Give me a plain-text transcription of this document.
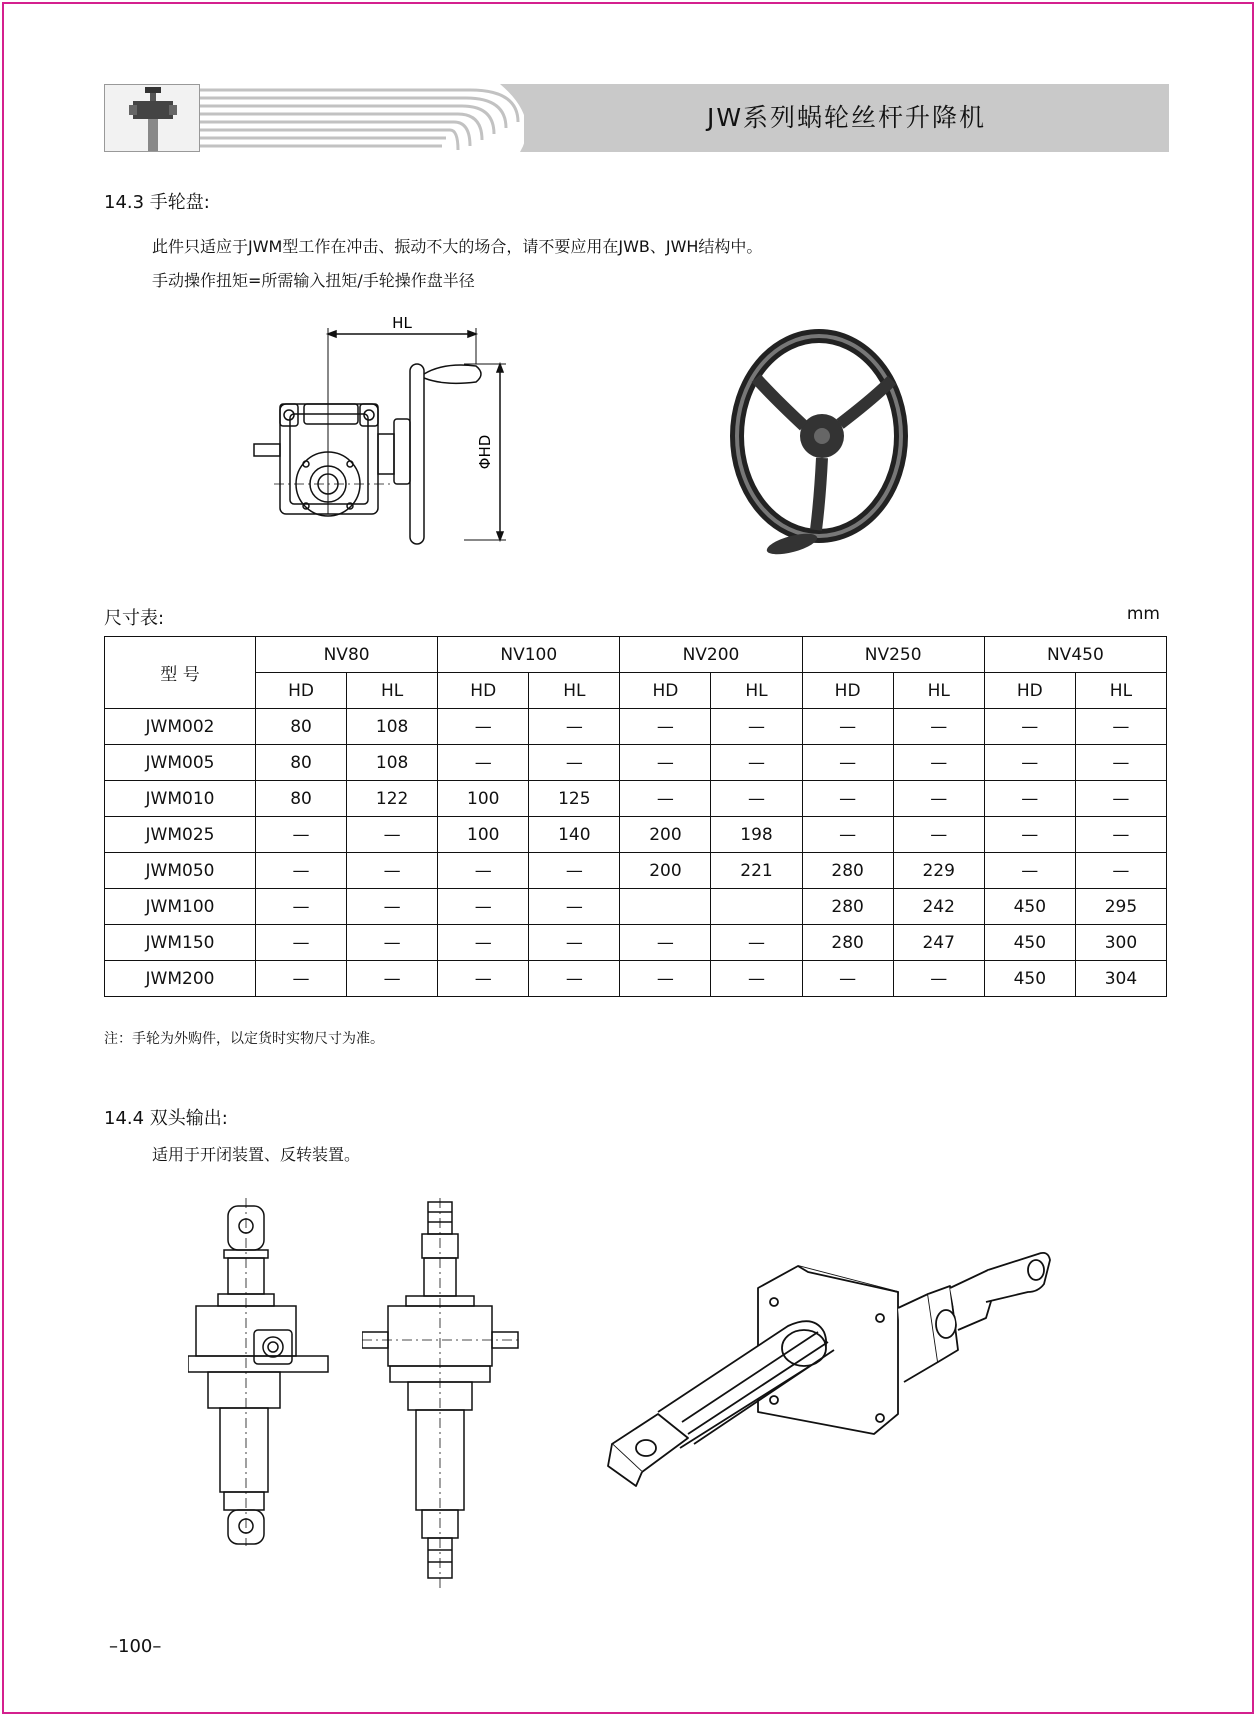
JW系列蜗轮丝杆升降机
14.3 手轮盘:
此件只适应于JWM型工作在冲击、振动不大的场合，请不要应用在JWB、JWH结构中。
手动操作扭矩=所需输入扭矩/手轮操作盘半径
HL
ΦHD
尺寸表:	mm
型 号	NV80		NV100		NV200		NV250		NV450	
	HD	HL	HD	HL	HD	HL	HD	HL	HD	HL
JWM002	80	108	—	—	—	—	—	—	—	—
JWM005	80	108	—	—	—	—	—	—	—	—
JWM010	80	122	100	125	—	—	—	—	—	—
JWM025	—	—	100	140	200	198	—	—	—	—
JWM050	—	—	—	—	200	221	280	229	—	—
JWM100	—	—	—	—			280	242	450	295
JWM150	—	—	—	—	—	—	280	247	450	300
JWM200	—	—	—	—	—	—	—	—	450	304
注：手轮为外购件，以定货时实物尺寸为准。
14.4 双头输出:
适用于开闭装置、反转装置。
–100–
